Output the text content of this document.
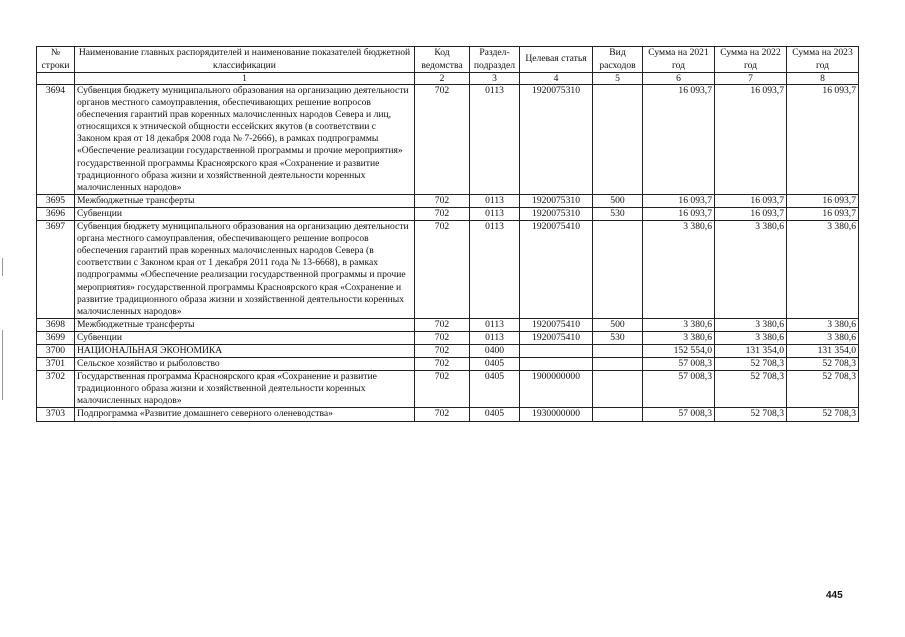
№ строки	Наименование главных распорядителей и наименование показателей бюджетной классификации	Код ведомства	Раздел-подраздел	Целевая статья	Вид расходов	Сумма на 2021 год	Сумма на 2022 год	Сумма на 2023 год
	1	2	3	4	5	6	7	8
3694	Субвенция бюджету муниципального образования на организацию деятельности органов местного самоуправления, обеспечивающих решение вопросов обеспечения гарантий прав коренных малочисленных народов Севера и лиц, относящихся к этнической общности ессейских якутов (в соответствии с Законом края от 18 декабря 2008 года № 7-2666), в рамках подпрограммы «Обеспечение реализации государственной программы и прочие мероприятия» государственной программы Красноярского края «Сохранение и развитие традиционного образа жизни и хозяйственной деятельности коренных малочисленных народов»	702	0113	1920075310		16 093,7	16 093,7	16 093,7
3695	Межбюджетные трансферты	702	0113	1920075310	500	16 093,7	16 093,7	16 093,7
3696	Субвенции	702	0113	1920075310	530	16 093,7	16 093,7	16 093,7
3697	Субвенция бюджету муниципального образования на организацию деятельности органа местного самоуправления, обеспечивающего решение вопросов обеспечения гарантий прав коренных малочисленных народов Севера (в соответствии с Законом края от 1 декабря 2011 года № 13-6668), в рамках подпрограммы «Обеспечение реализации государственной программы и прочие мероприятия» государственной программы Красноярского края «Сохранение и развитие традиционного образа жизни и хозяйственной деятельности коренных малочисленных народов»	702	0113	1920075410		3 380,6	3 380,6	3 380,6
3698	Межбюджетные трансферты	702	0113	1920075410	500	3 380,6	3 380,6	3 380,6
3699	Субвенции	702	0113	1920075410	530	3 380,6	3 380,6	3 380,6
3700	НАЦИОНАЛЬНАЯ ЭКОНОМИКА	702	0400			152 554,0	131 354,0	131 354,0
3701	Сельское хозяйство и рыболовство	702	0405			57 008,3	52 708,3	52 708,3
3702	Государственная программа Красноярского края «Сохранение и развитие традиционного образа жизни и хозяйственной деятельности коренных малочисленных народов»	702	0405	1900000000		57 008,3	52 708,3	52 708,3
3703	Подпрограмма «Развитие домашнего северного оленеводства»	702	0405	1930000000		57 008,3	52 708,3	52 708,3
445
